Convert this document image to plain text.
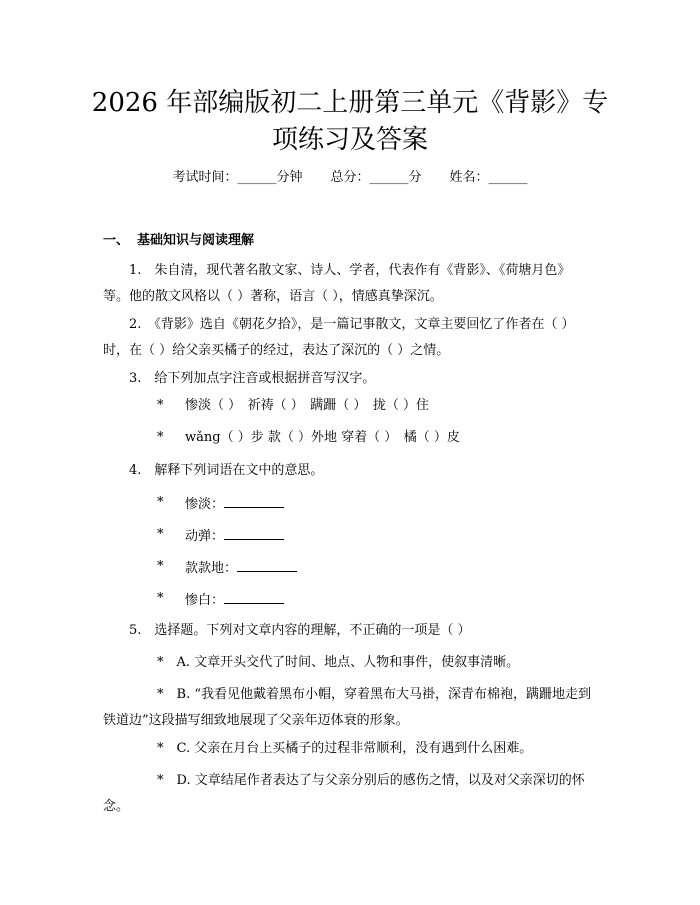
2026 年部编版初二上册第三单元《背影》专
项练习及答案
考试时间：______分钟 总分：______分 姓名：______
一、 基础知识与阅读理解

1.　朱自清，现代著名散文家、诗人、学者，代表作有《背影》、《荷塘月色》等。他的散文风格以（ ）著称，语言（ ），情感真挚深沉。

2.　《背影》选自《朝花夕拾》，是一篇记事散文，文章主要回忆了作者在（ ）时，在（ ）给父亲买橘子的经过，表达了深沉的（ ）之情。

3.　给下列加点字注音或根据拼音写汉字。

* 惨淡（ ）　祈祷（ ）　蹒跚（ ）　拢（ ）住
* wǎng（ ）步 款（ ）外地 穿着（ ）　橘（ ）皮

4.　解释下列词语在文中的意思。

* 惨淡：
* 动弹：
* 款款地：
* 惨白：

5.　选择题。下列对文章内容的理解，不正确的一项是（ ）

*　 A. 文章开头交代了时间、地点、人物和事件，使叙事清晰。

*　 B. “我看见他戴着黑布小帽，穿着黑布大马褂，深青布棉袍，蹒跚地走到铁道边”这段描写细致地展现了父亲年迈体衰的形象。

*　 C. 父亲在月台上买橘子的过程非常顺利，没有遇到什么困难。

*　 D. 文章结尾作者表达了与父亲分别后的感伤之情，以及对父亲深切的怀念。
